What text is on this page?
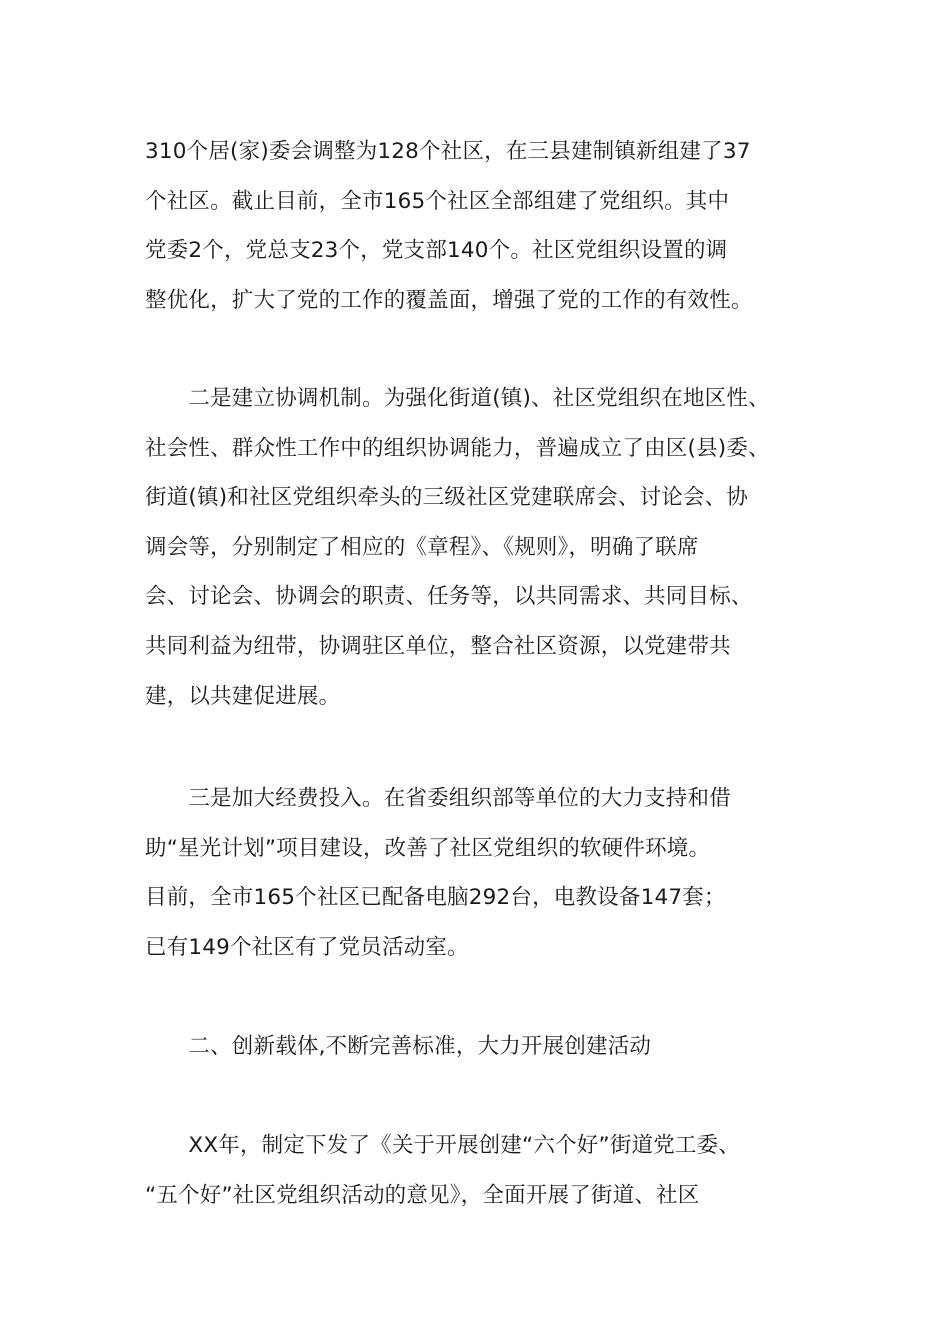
310个居(家)委会调整为128个社区，在三县建制镇新组建了37
个社区。截止目前，全市165个社区全部组建了党组织。其中
党委2个，党总支23个，党支部140个。社区党组织设置的调
整优化，扩大了党的工作的覆盖面，增强了党的工作的有效性。
　　二是建立协调机制。为强化街道(镇)、社区党组织在地区性、
社会性、群众性工作中的组织协调能力，普遍成立了由区(县)委、
街道(镇)和社区党组织牵头的三级社区党建联席会、讨论会、协
调会等，分别制定了相应的《章程》、《规则》，明确了联席
会、讨论会、协调会的职责、任务等，以共同需求、共同目标、
共同利益为纽带，协调驻区单位，整合社区资源，以党建带共
建，以共建促进展。
　　三是加大经费投入。在省委组织部等单位的大力支持和借
助“星光计划”项目建设，改善了社区党组织的软硬件环境。
目前，全市165个社区已配备电脑292台，电教设备147套；
已有149个社区有了党员活动室。
　　二、创新载体,不断完善标准，大力开展创建活动
　　XX年，制定下发了《关于开展创建“六个好”街道党工委、
“五个好”社区党组织活动的意见》，全面开展了街道、社区
